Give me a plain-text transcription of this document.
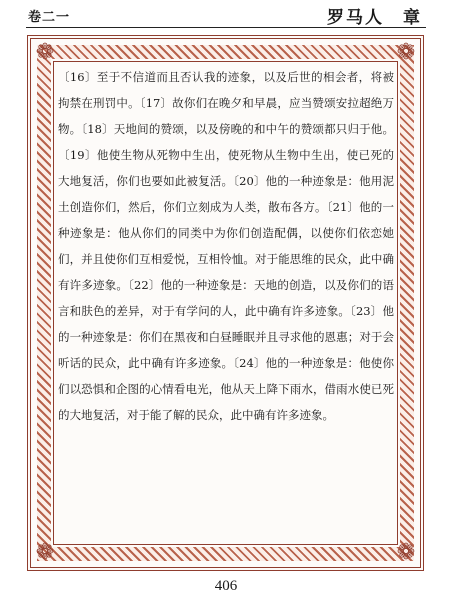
卷二一	罗马人　章
❁	❁
❁	❁

〔16〕至于不信道而且否认我的迹象，以及后世的相会者，将被拘禁在刑罚中。〔17〕故你们在晚夕和早晨，应当赞颂安拉超绝万物。〔18〕天地间的赞颂，以及傍晚的和中午的赞颂都只归于他。〔19〕他使生物从死物中生出，使死物从生物中生出，使已死的大地复活，你们也要如此被复活。〔20〕他的一种迹象是：他用泥土创造你们，然后，你们立刻成为人类，散布各方。〔21〕他的一种迹象是：他从你们的同类中为你们创造配偶，以使你们依恋她们，并且使你们互相爱悦，互相怜恤。对于能思维的民众，此中确有许多迹象。〔22〕他的一种迹象是：天地的创造，以及你们的语言和肤色的差异，对于有学问的人，此中确有许多迹象。〔23〕他的一种迹象是：你们在黑夜和白昼睡眠并且寻求他的恩惠；对于会听话的民众，此中确有许多迹象。〔24〕他的一种迹象是：他使你们以恐惧和企图的心情看电光，他从天上降下雨水，借雨水使已死的大地复活，对于能了解的民众，此中确有许多迹象。

406
